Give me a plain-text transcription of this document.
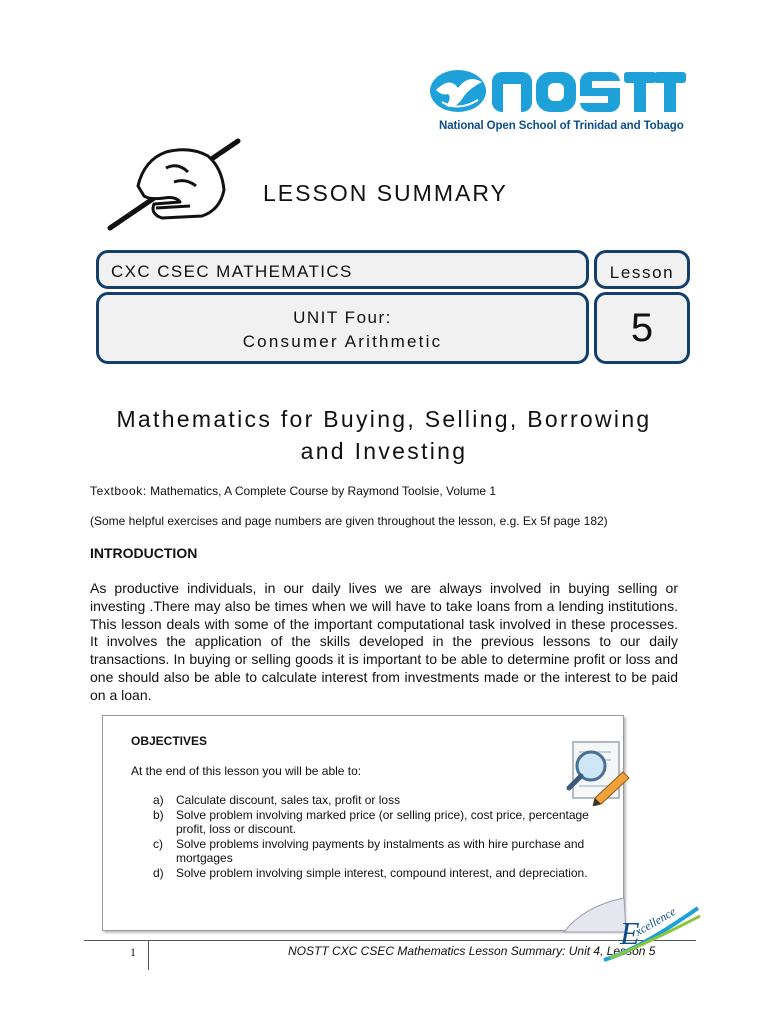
National Open School of Trinidad and Tobago
LESSON SUMMARY
CXC CSEC MATHEMATICS
UNIT Four:
Consumer Arithmetic
Lesson
5
Mathematics for Buying, Selling, Borrowing
and Investing
Textbook: Mathematics, A Complete Course by Raymond Toolsie, Volume 1
(Some helpful exercises and page numbers are given throughout the lesson, e.g. Ex 5f page 182)
INTRODUCTION
As productive individuals, in our daily lives we are always involved in buying selling or investing .There may also be times when we will have to take loans from a lending institutions. This lesson deals with some of the important computational task involved in these processes. It involves the application of the skills developed in the previous lessons to our daily transactions. In buying or selling goods it is important to be able to determine profit or loss and one should also be able to calculate interest from investments made or the interest to be paid on a loan.
OBJECTIVES
At the end of this lesson you will be able to:
a) Calculate discount, sales tax, profit or loss
b) Solve problem involving marked price (or selling price), cost price, percentage profit, loss or discount.
c) Solve problems involving payments by instalments as with hire purchase and mortgages
d) Solve problem involving simple interest, compound interest, and depreciation.
1	NOSTT CXC CSEC Mathematics Lesson Summary: Unit 4, Lesson 5
E
xcellence
